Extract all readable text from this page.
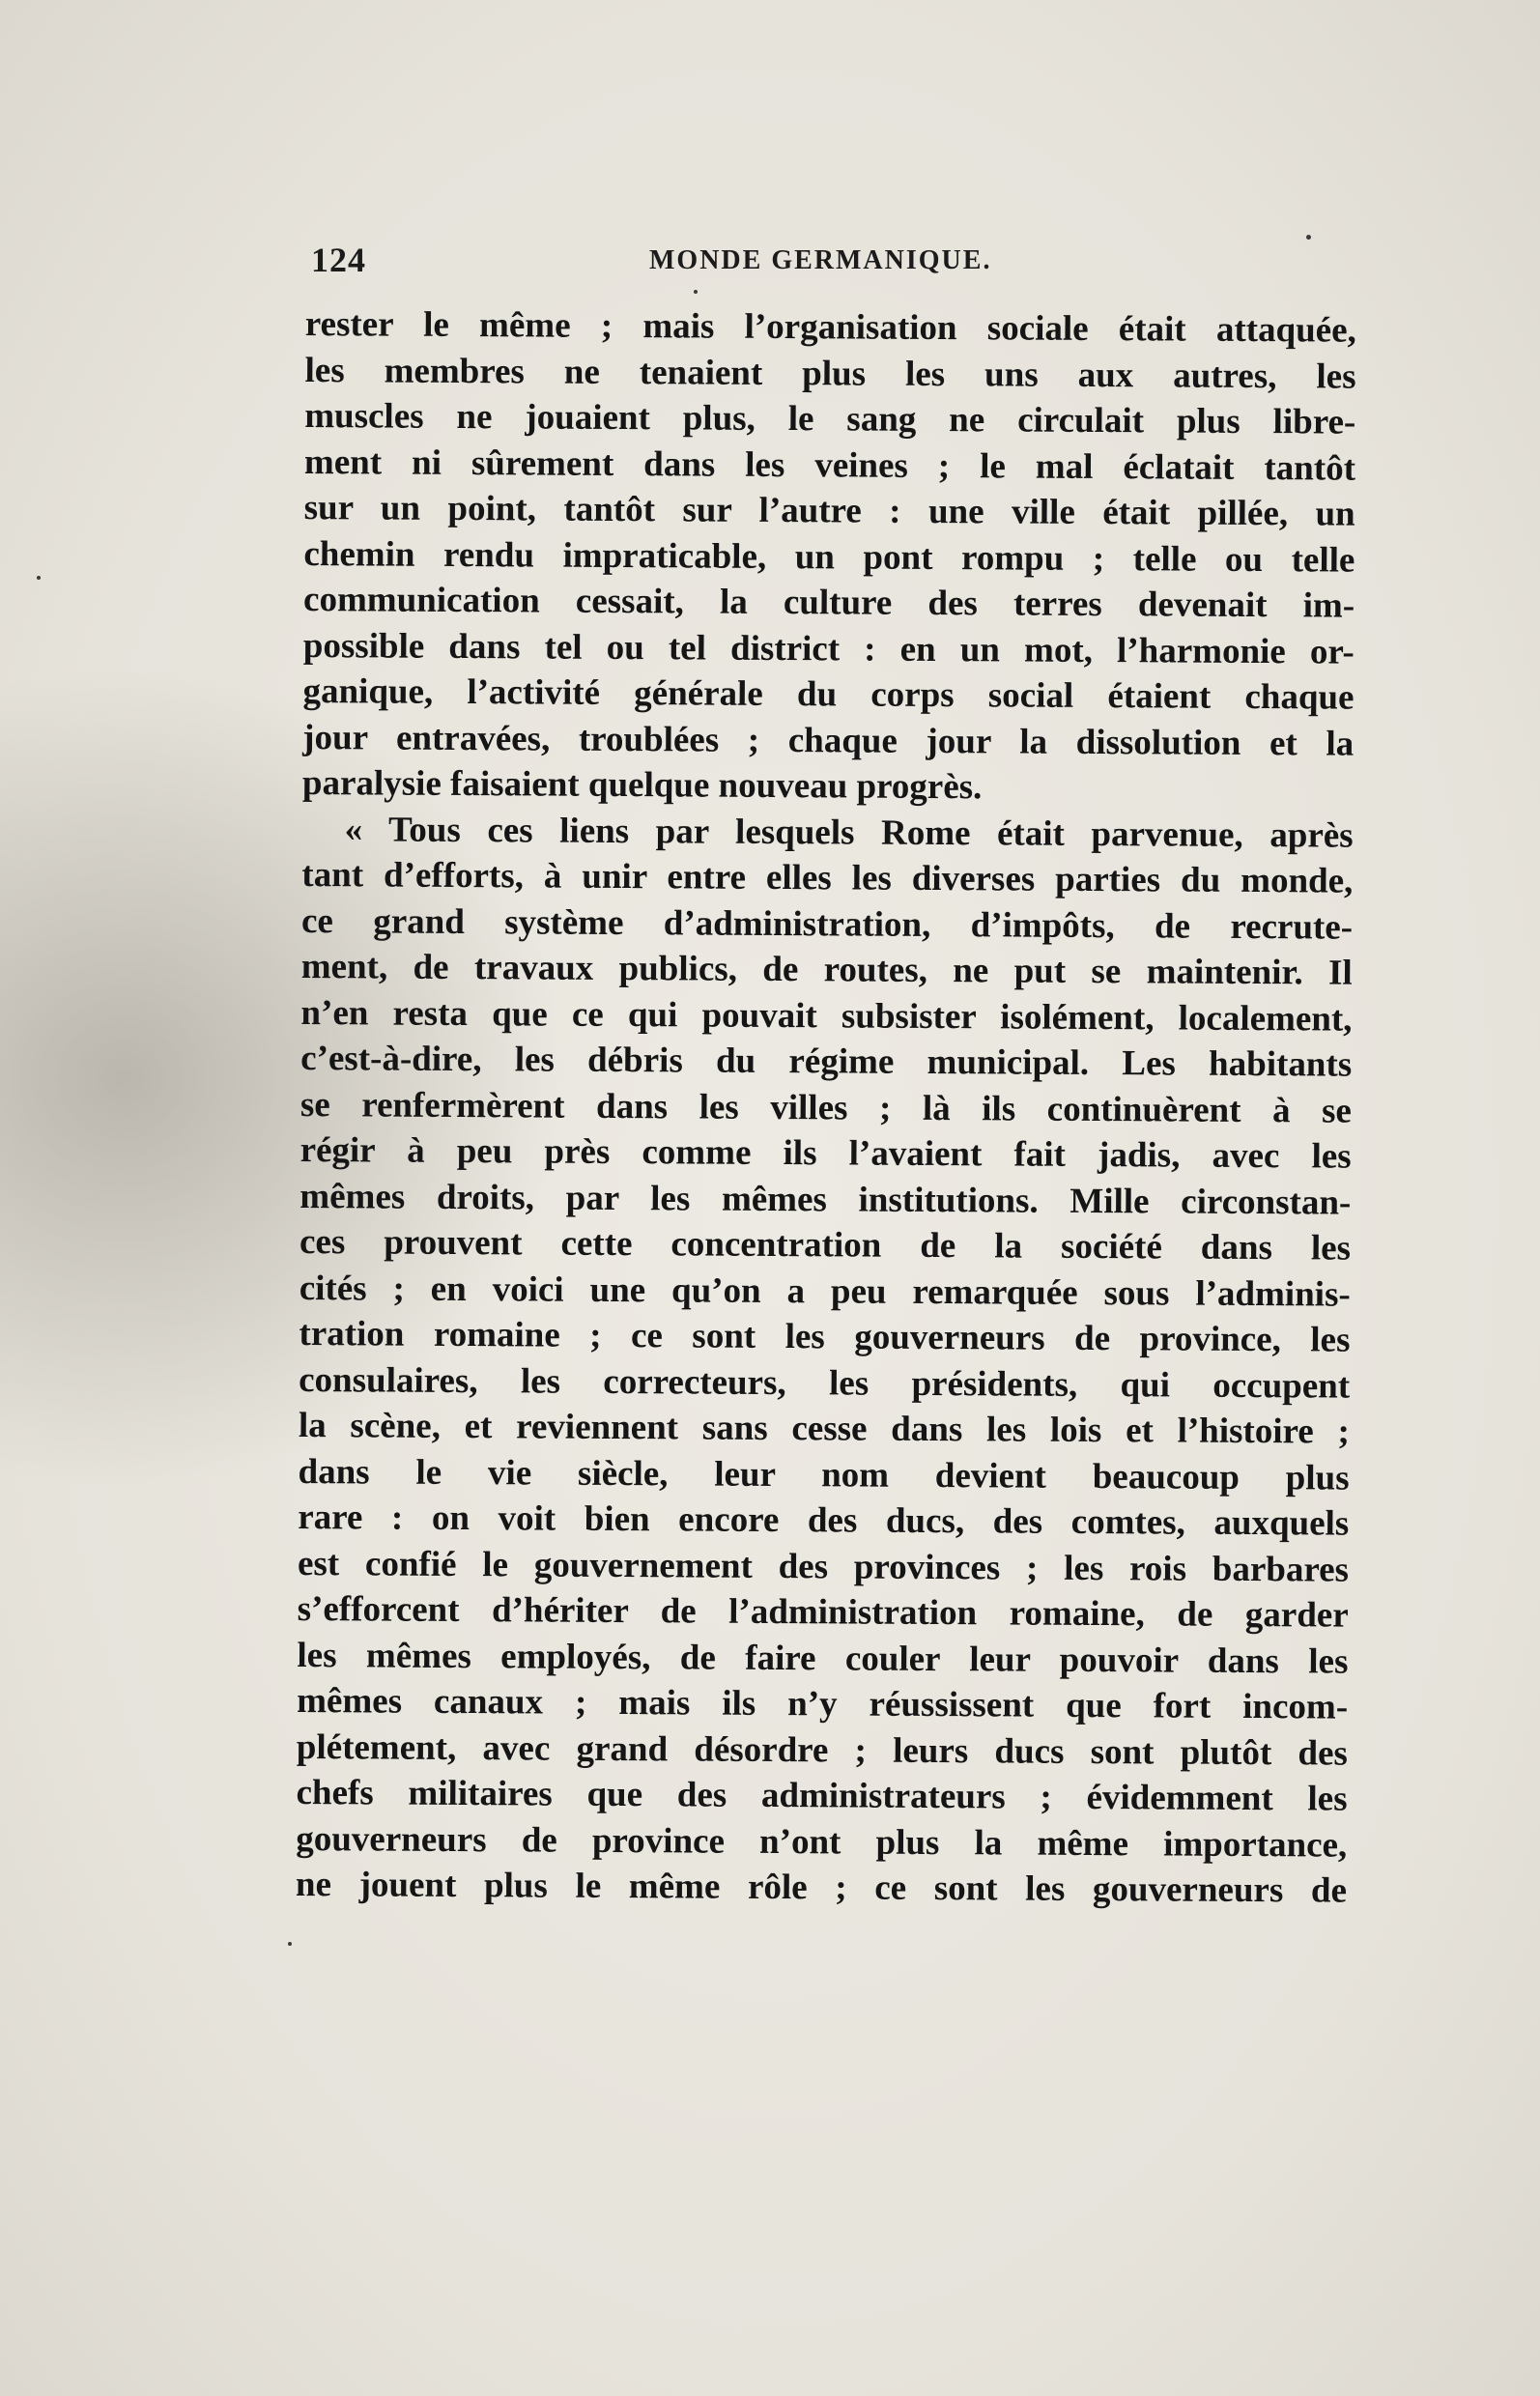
124	MONDE GERMANIQUE.
rester le même ; mais l’organisation sociale était attaquée,
les membres ne tenaient plus les uns aux autres, les
muscles ne jouaient plus, le sang ne circulait plus libre-
ment ni sûrement dans les veines ; le mal éclatait tantôt
sur un point, tantôt sur l’autre : une ville était pillée, un
chemin rendu impraticable, un pont rompu ; telle ou telle
communication cessait, la culture des terres devenait im-
possible dans tel ou tel district : en un mot, l’harmonie or-
ganique, l’activité générale du corps social étaient chaque
jour entravées, troublées ; chaque jour la dissolution et la
paralysie faisaient quelque nouveau progrès.
« Tous ces liens par lesquels Rome était parvenue, après
tant d’efforts, à unir entre elles les diverses parties du monde,
ce grand système d’administration, d’impôts, de recrute-
ment, de travaux publics, de routes, ne put se maintenir. Il
n’en resta que ce qui pouvait subsister isolément, localement,
c’est-à-dire, les débris du régime municipal. Les habitants
se renfermèrent dans les villes ; là ils continuèrent à se
régir à peu près comme ils l’avaient fait jadis, avec les
mêmes droits, par les mêmes institutions. Mille circonstan-
ces prouvent cette concentration de la société dans les
cités ; en voici une qu’on a peu remarquée sous l’adminis-
tration romaine ; ce sont les gouverneurs de province, les
consulaires, les correcteurs, les présidents, qui occupent
la scène, et reviennent sans cesse dans les lois et l’histoire ;
dans le vie siècle, leur nom devient beaucoup plus
rare : on voit bien encore des ducs, des comtes, auxquels
est confié le gouvernement des provinces ; les rois barbares
s’efforcent d’hériter de l’administration romaine, de garder
les mêmes employés, de faire couler leur pouvoir dans les
mêmes canaux ; mais ils n’y réussissent que fort incom-
plétement, avec grand désordre ; leurs ducs sont plutôt des
chefs militaires que des administrateurs ; évidemment les
gouverneurs de province n’ont plus la même importance,
ne jouent plus le même rôle ; ce sont les gouverneurs de
